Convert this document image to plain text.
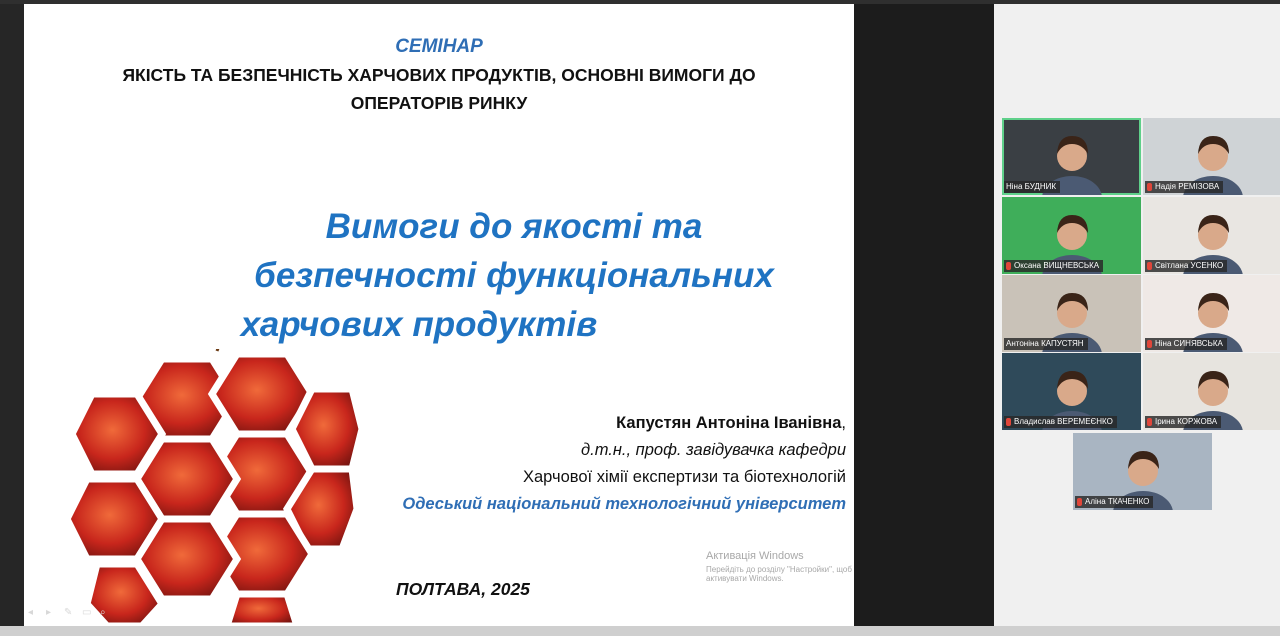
СЕМІНАР
ЯКІСТЬ ТА БЕЗПЕЧНІСТЬ ХАРЧОВИХ ПРОДУКТІВ, ОСНОВНІ ВИМОГИ ДО
ОПЕРАТОРІВ РИНКУ
Вимоги до якості та
безпечності функціональних
харчових продуктів
Капустян Антоніна Іванівна,
д.т.н., проф. завідувачка кафедри
Харчової хімії експертизи та біотехнологій
Одеський національний технологічний університет
ПОЛТАВА, 2025
Активація Windows
Перейдіть до розділу "Настройки", щоб активувати Windows.
◂	▸	✎ ▭ ⌕
Ніна БУДНИК	Надія РЕМІЗОВА
Оксана ВИЩНЕВСЬКА	Світлана УСЕНКО
Антоніна КАПУСТЯН	Ніна СИНЯВСЬКА
Владислав ВЕРЕМЕЄНКО	Ірина КОРЖОВА
Аліна ТКАЧЕНКО
